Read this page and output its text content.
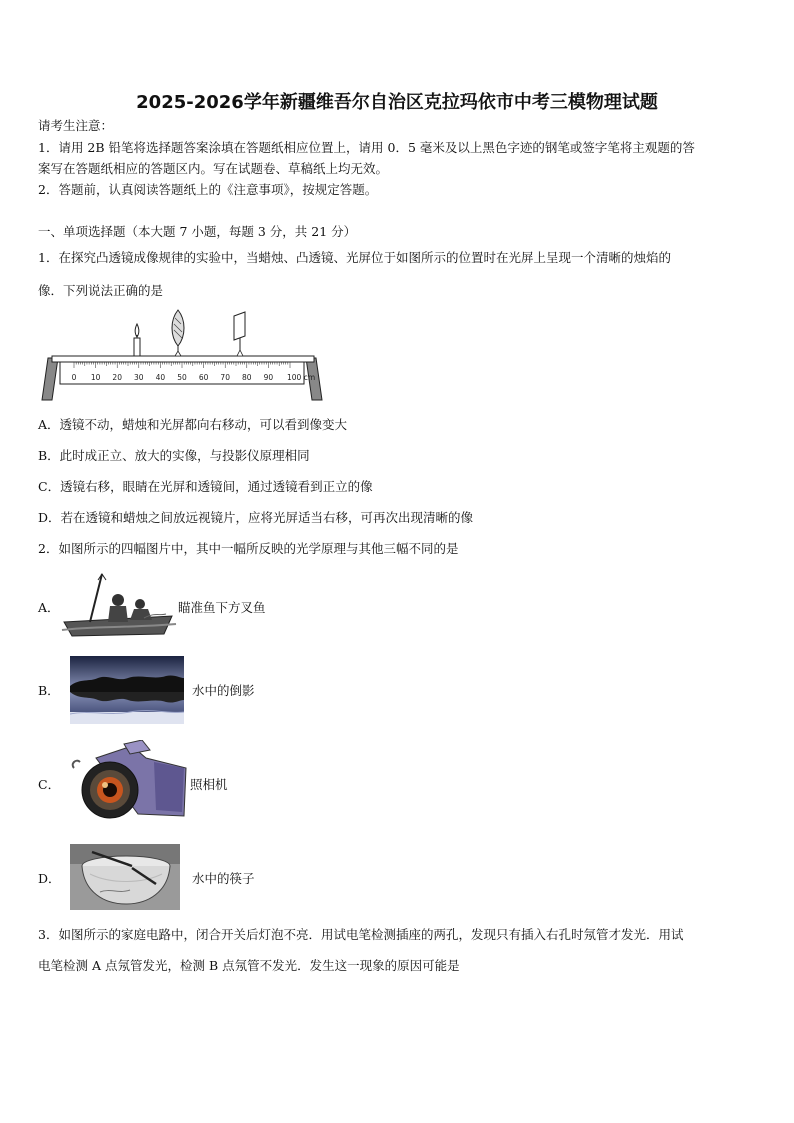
2025-2026学年新疆维吾尔自治区克拉玛依市中考三模物理试题
请考生注意：
1．请用 2B 铅笔将选择题答案涂填在答题纸相应位置上，请用 0．5 毫米及以上黑色字迹的钢笔或签字笔将主观题的答
案写在答题纸相应的答题区内。写在试题卷、草稿纸上均无效。
2．答题前，认真阅读答题纸上的《注意事项》，按规定答题。
一、单项选择题（本大题 7 小题，每题 3 分，共 21 分）
1．在探究凸透镜成像规律的实验中，当蜡烛、凸透镜、光屏位于如图所示的位置时在光屏上呈现一个清晰的烛焰的
像．下列说法正确的是
0 10 20 30 40 50 60 70 80 90 100 cm
A．透镜不动，蜡烛和光屏都向右移动，可以看到像变大
B．此时成正立、放大的实像，与投影仪原理相同
C．透镜右移，眼睛在光屏和透镜间，通过透镜看到正立的像
D．若在透镜和蜡烛之间放远视镜片，应将光屏适当右移，可再次出现清晰的像
2．如图所示的四幅图片中，其中一幅所反映的光学原理与其他三幅不同的是
A．	瞄准鱼下方叉鱼
B．	水中的倒影
C．	照相机
D．	水中的筷子
3．如图所示的家庭电路中，闭合开关后灯泡不亮．用试电笔检测插座的两孔，发现只有插入右孔时氖管才发光．用试
电笔检测 A 点氖管发光，检测 B 点氖管不发光．发生这一现象的原因可能是
